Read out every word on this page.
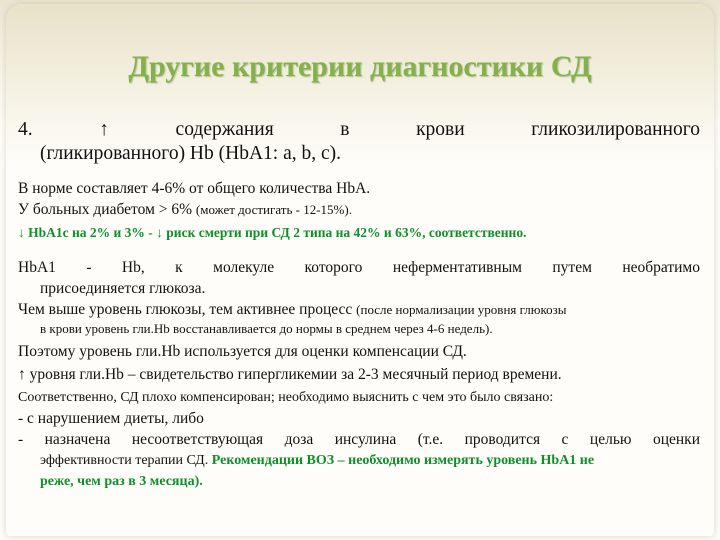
Другие критерии диагностики СД

4. ↑ содержания в крови гликозилированного

(гликированного) Hb (HbA1: a, b, c).

В норме составляет 4-6% от общего количества HbA.

У больных диабетом > 6% (может достигать - 12-15%).

↓ HbA1c на 2% и 3% - ↓ риск смерти при СД 2 типа на 42% и 63%, соответственно.

HbA1 - Hb, к молекуле которого неферментативным путем необратимо

присоединяется глюкоза.

Чем выше уровень глюкозы, тем активнее процесс (после нормализации уровня глюкозы

в крови уровень гли.Hb восстанавливается до нормы в среднем через 4-6 недель).

Поэтому уровень гли.Hb используется для оценки компенсации СД.

↑ уровня гли.Hb – свидетельство гипергликемии за 2-3 месячный период времени.

Соответственно, СД плохо компенсирован; необходимо выяснить с чем это было связано:

- с нарушением диеты, либо

- назначена несоответствующая доза инсулина (т.е. проводится с целью оценки

эффективности терапии СД. Рекомендации ВОЗ – необходимо измерять уровень HbA1 не

реже, чем раз в 3 месяца).
